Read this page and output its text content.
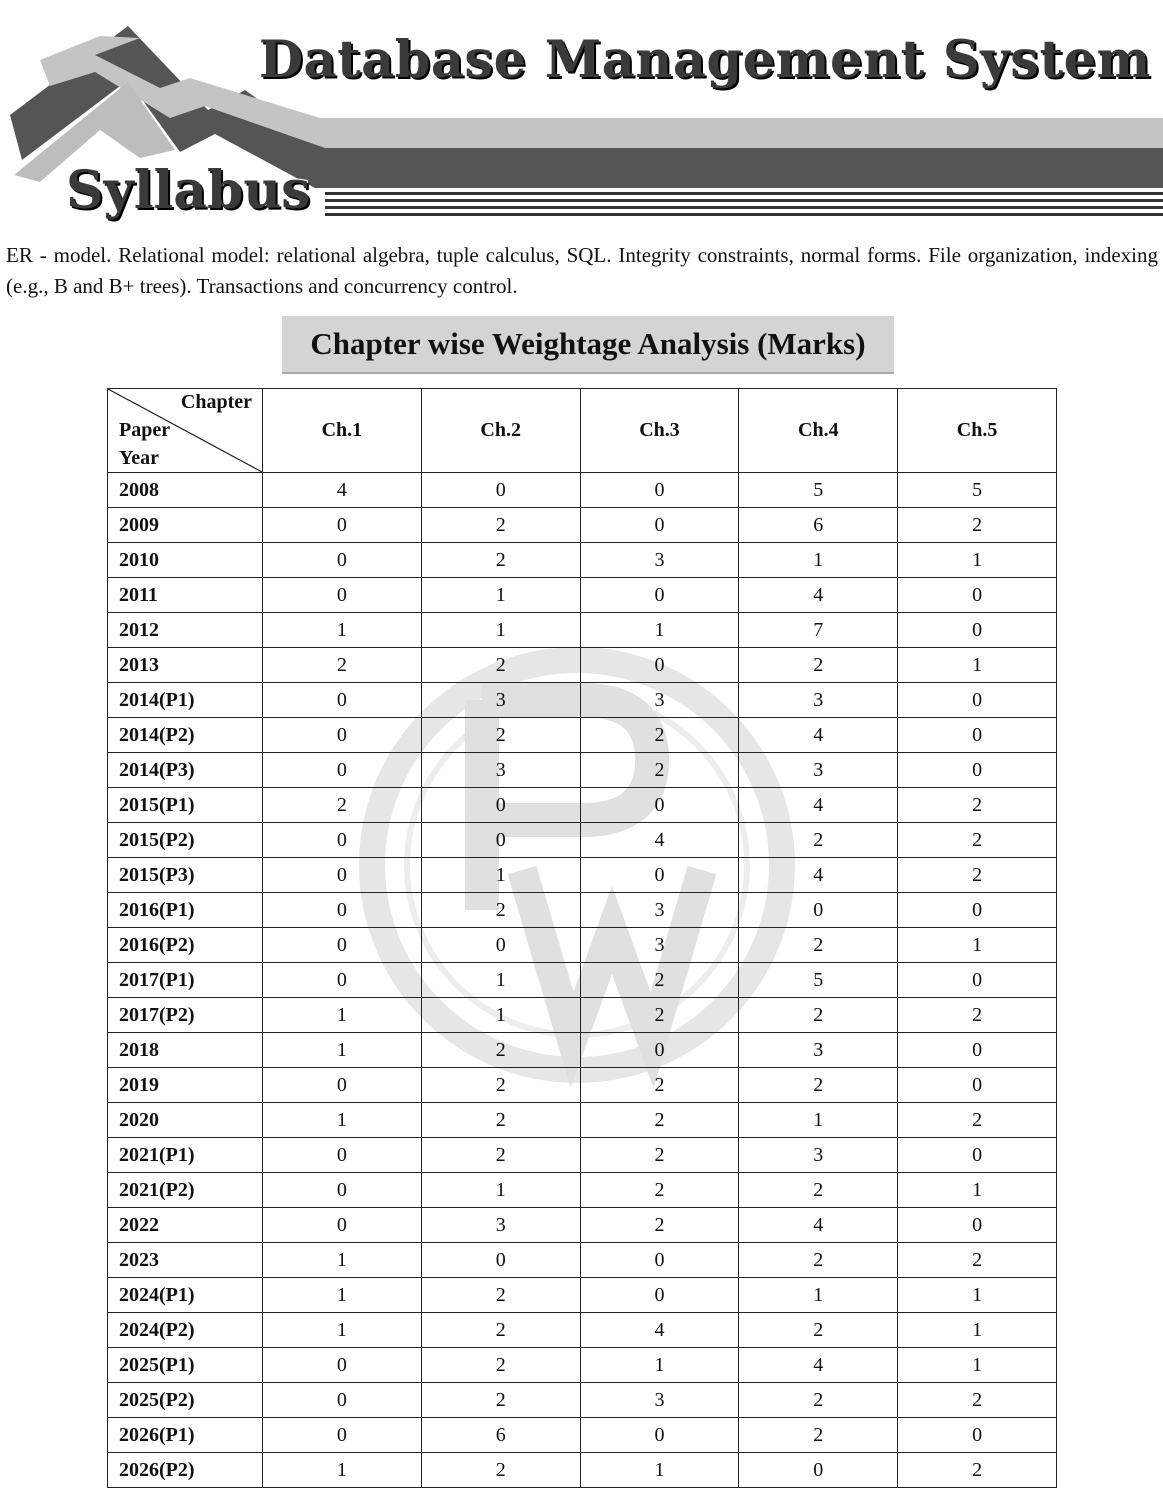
Database Management System
Syllabus

ER ‐ model. Relational model: relational algebra, tuple calculus, SQL. Integrity constraints, normal forms. File organization, indexing (e.g., B and B+ trees). Transactions and concurrency control.

Chapter wise Weightage Analysis (Marks)
Chapter
Paper
Year	Ch.1	Ch.2	Ch.3	Ch.4	Ch.5
2008	4	0	0	5	5
2009	0	2	0	6	2
2010	0	2	3	1	1
2011	0	1	0	4	0
2012	1	1	1	7	0
2013	2	2	0	2	1
2014(P1)	0	3	3	3	0
2014(P2)	0	2	2	4	0
2014(P3)	0	3	2	3	0
2015(P1)	2	0	0	4	2
2015(P2)	0	0	4	2	2
2015(P3)	0	1	0	4	2
2016(P1)	0	2	3	0	0
2016(P2)	0	0	3	2	1
2017(P1)	0	1	2	5	0
2017(P2)	1	1	2	2	2
2018	1	2	0	3	0
2019	0	2	2	2	0
2020	1	2	2	1	2
2021(P1)	0	2	2	3	0
2021(P2)	0	1	2	2	1
2022	0	3	2	4	0
2023	1	0	0	2	2
2024(P1)	1	2	0	1	1
2024(P2)	1	2	4	2	1
2025(P1)	0	2	1	4	1
2025(P2)	0	2	3	2	2
2026(P1)	0	6	0	2	0
2026(P2)	1	2	1	0	2
